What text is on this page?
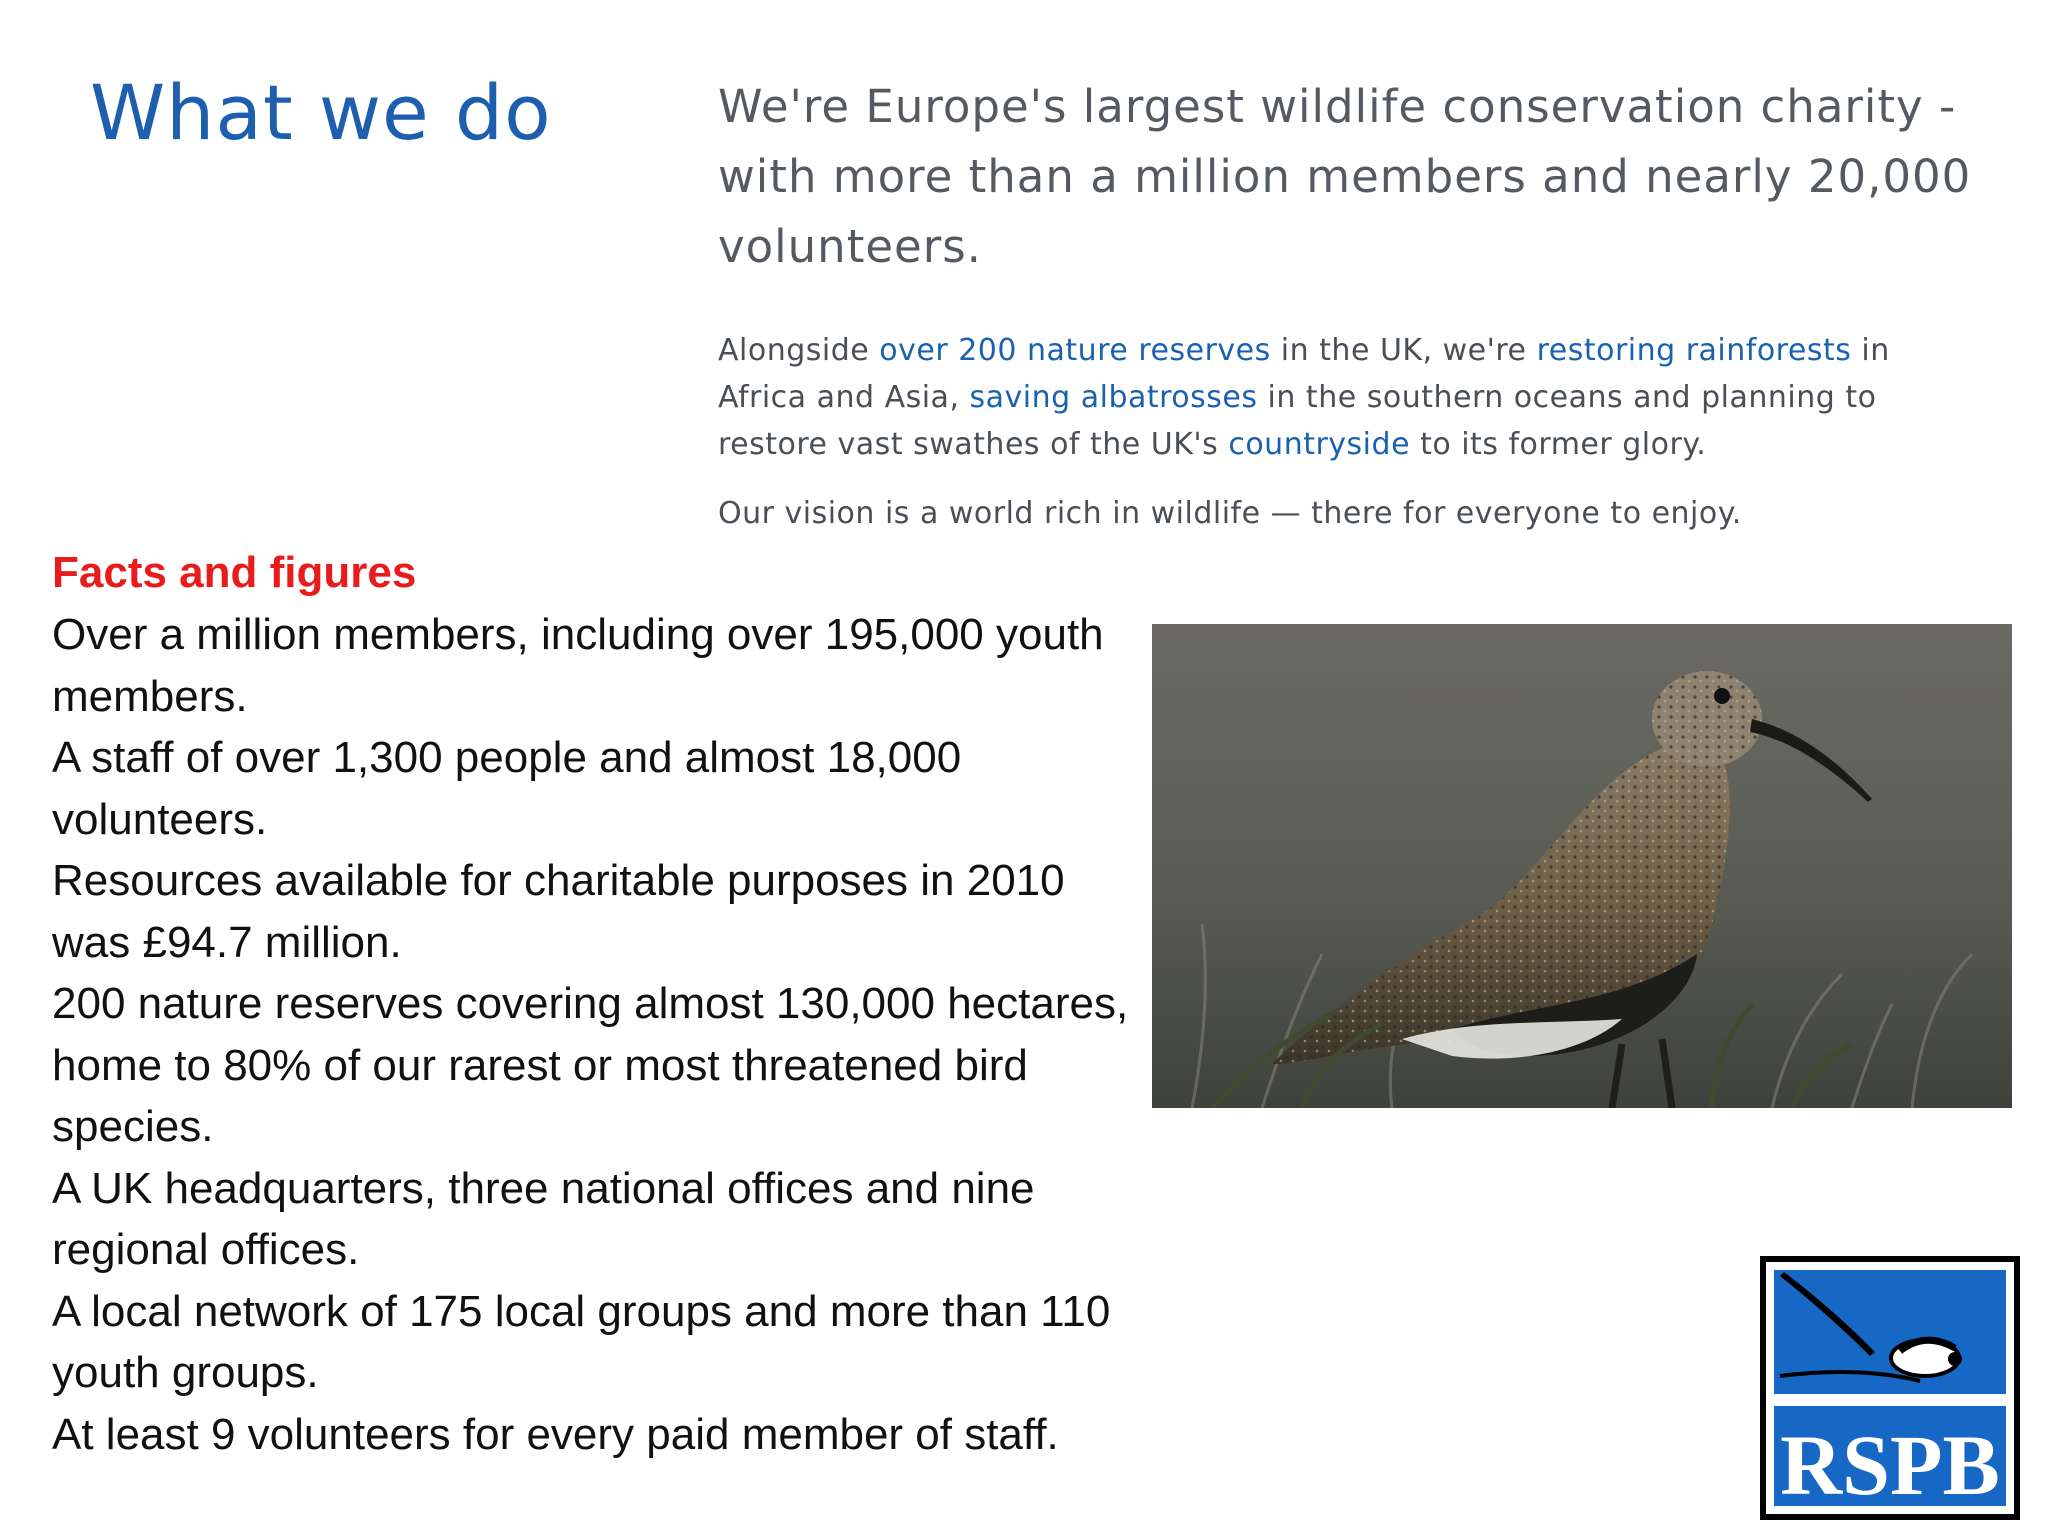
What we do	We're Europe's largest wildlife conservation charity - with more than a million members and nearly 20,000 volunteers.

Alongside over 200 nature reserves in the UK, we're restoring rainforests in Africa and Asia, saving albatrosses in the southern oceans and planning to restore vast swathes of the UK's countryside to its former glory.

Our vision is a world rich in wildlife — there for everyone to enjoy.

Facts and figures
Over a million members, including over 195,000 youth members.
A staff of over 1,300 people and almost 18,000 volunteers.
Resources available for charitable purposes in 2010 was £94.7 million.
200 nature reserves covering almost 130,000 hectares, home to 80% of our rarest or most threatened bird species.
A UK headquarters, three national offices and nine regional offices.
A local network of 175 local groups and more than 110 youth groups.
At least 9 volunteers for every paid member of staff.	RSPB
